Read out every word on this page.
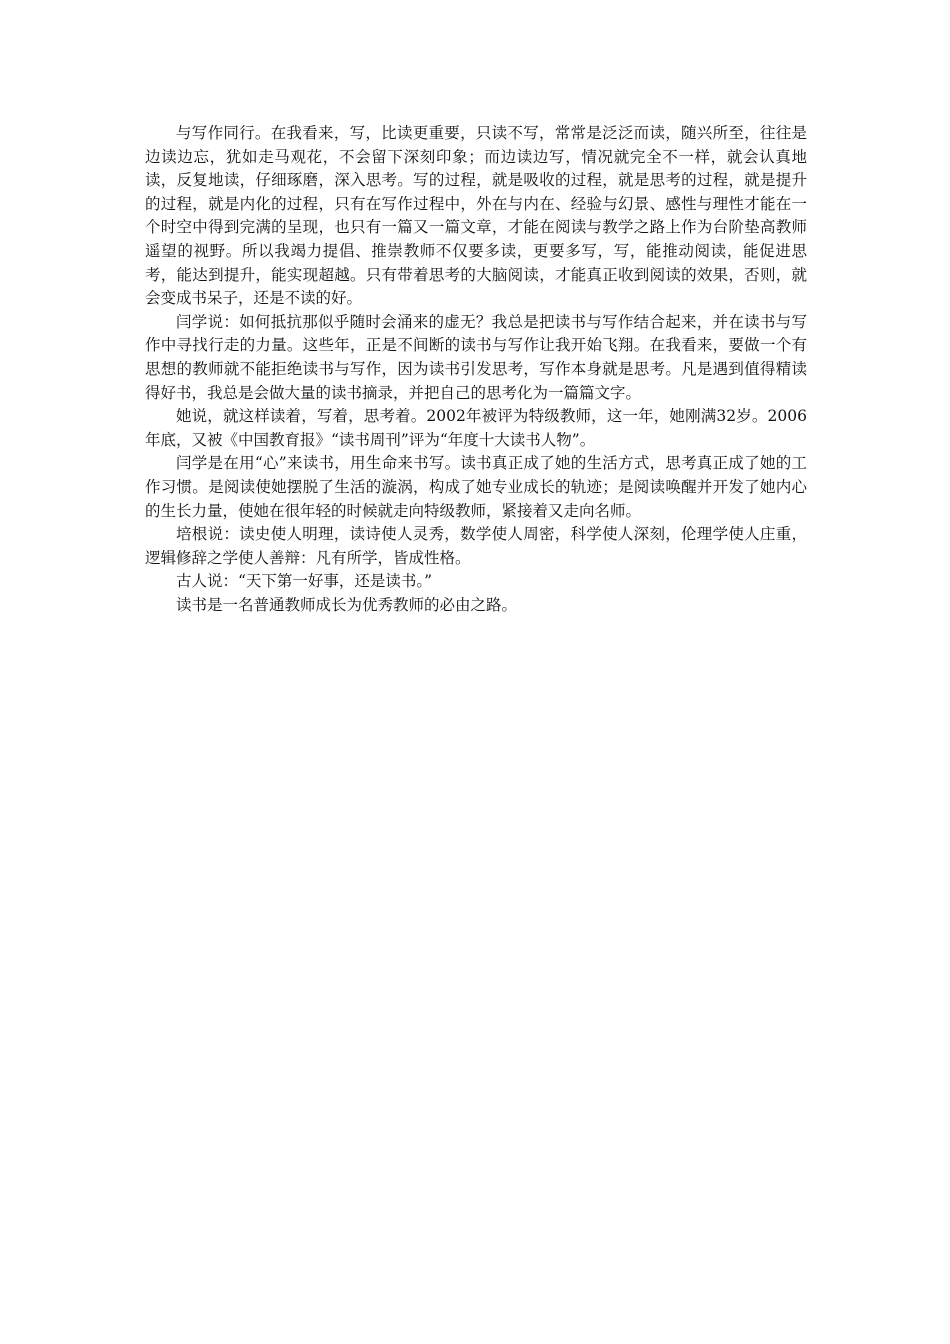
与写作同行。在我看来，写，比读更重要，只读不写，常常是泛泛而读，随兴所至，往往是边读边忘，犹如走马观花，不会留下深刻印象；而边读边写，情况就完全不一样，就会认真地读，反复地读，仔细琢磨，深入思考。写的过程，就是吸收的过程，就是思考的过程，就是提升的过程，就是内化的过程，只有在写作过程中，外在与内在、经验与幻景、感性与理性才能在一个时空中得到完满的呈现，也只有一篇又一篇文章，才能在阅读与教学之路上作为台阶垫高教师遥望的视野。所以我竭力提倡、推崇教师不仅要多读，更要多写，写，能推动阅读，能促进思考，能达到提升，能实现超越。只有带着思考的大脑阅读，才能真正收到阅读的效果，否则，就会变成书呆子，还是不读的好。

闫学说：如何抵抗那似乎随时会涌来的虚无？我总是把读书与写作结合起来，并在读书与写作中寻找行走的力量。这些年，正是不间断的读书与写作让我开始飞翔。在我看来，要做一个有思想的教师就不能拒绝读书与写作，因为读书引发思考，写作本身就是思考。凡是遇到值得精读得好书，我总是会做大量的读书摘录，并把自己的思考化为一篇篇文字。

她说，就这样读着，写着，思考着。2002年被评为特级教师，这一年，她刚满32岁。2006年底，又被《中国教育报》“读书周刊”评为“年度十大读书人物”。

闫学是在用“心”来读书，用生命来书写。读书真正成了她的生活方式，思考真正成了她的工作习惯。是阅读使她摆脱了生活的漩涡，构成了她专业成长的轨迹；是阅读唤醒并开发了她内心的生长力量，使她在很年轻的时候就走向特级教师，紧接着又走向名师。

培根说：读史使人明理，读诗使人灵秀，数学使人周密，科学使人深刻，伦理学使人庄重，逻辑修辞之学使人善辩：凡有所学，皆成性格。

古人说：“天下第一好事，还是读书。”

读书是一名普通教师成长为优秀教师的必由之路。
